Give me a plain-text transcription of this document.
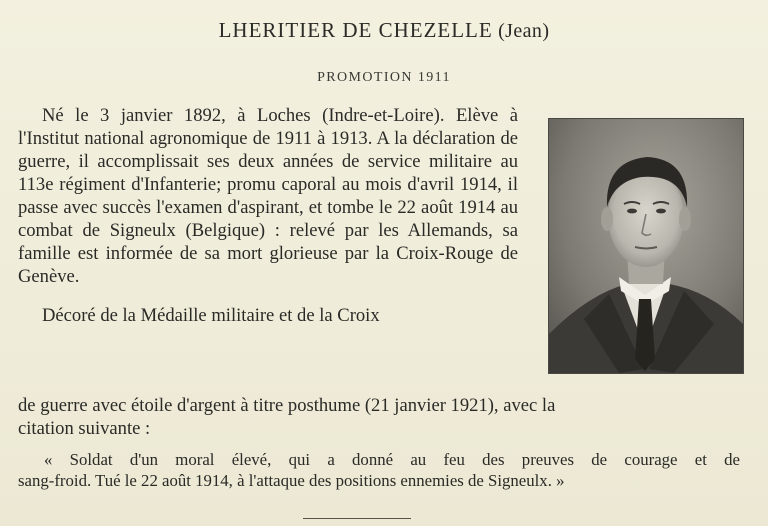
LHERITIER DE CHEZELLE (Jean)
PROMOTION 1911

Né le 3 janvier 1892, à Loches (Indre-et-Loire). Elève à l'Institut national agronomique de 1911 à 1913. A la déclaration de guerre, il accomplissait ses deux années de service militaire au 113e régiment d'Infanterie; promu caporal au mois d'avril 1914, il passe avec succès l'examen d'aspirant, et tombe le 22 août 1914 au combat de Signeulx (Belgique) : relevé par les Allemands, sa famille est informée de sa mort glorieuse par la Croix-Rouge de Genève.

Décoré de la Médaille militaire et de la Croix

de guerre avec étoile d'argent à titre posthume (21 janvier 1921), avec la
citation suivante :
« Soldat d'un moral élevé, qui a donné au feu des preuves de courage et de
sang-froid. Tué le 22 août 1914, à l'attaque des positions ennemies de Signeulx. »
